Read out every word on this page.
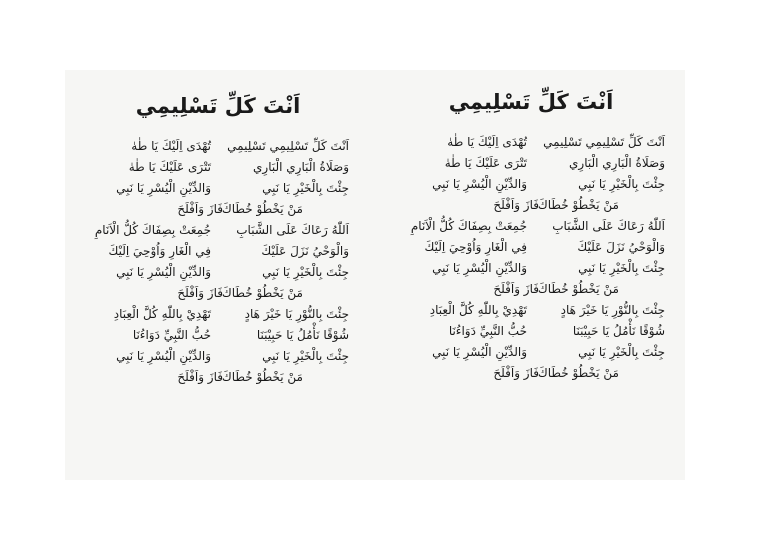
اَنْتَ كَلِّ تَسْلِيمِي
اَنْتَ كَلِّ تَسْلِيمِي تَسْلِيمِي
تُهْدَى اِلَيْكَ يَا طٰهٰ
وَصَلَاةُ الْبَارِي الْبَارِي
تَتْرَى عَلَيْكَ يَا طٰهٰ
جِئْتَ بِالْخَيْرِ يَا نَبِي
وَالدِّيْنِ الْيُسْرِ يَا نَبِي
مَنْ يَخْطُوْ خُطَاكَ
فَازَ وَاَفْلَحَ
اَللّٰهُ رَعَاكَ عَلَى الشَّبَابِ
جُمِعَتْ بِصِفَاكَ كُلُّ الْاَنَامِ
وَالْوَحْيُ نَزَلَ عَلَيْكَ
فِي الْغَارِ وَاُوْحِيَ اِلَيْكَ
جِئْتَ بِالْخَيْرِ يَا نَبِي
وَالدِّيْنِ الْيُسْرِ يَا نَبِي
مَنْ يَخْطُوْ خُطَاكَ
فَازَ وَاَفْلَحَ
جِئْتَ بِالنُّوْرِ يَا خَيْرَ هَادٍ
تَهْدِيْ بِاللّٰهِ كُلَّ الْعِبَادِ
شُوْقًا نَأْمُلُ يَا حَبِيْبَنَا
حُبُّ النَّبِيِّ دَوَاءُنَا
جِئْتَ بِالْخَيْرِ يَا نَبِي
وَالدِّيْنِ الْيُسْرِ يَا نَبِي
مَنْ يَخْطُوْ خُطَاكَ
فَازَ وَاَفْلَحَ
اَنْتَ كَلِّ تَسْلِيمِي
اَنْتَ كَلِّ تَسْلِيمِي تَسْلِيمِي
تُهْدَى اِلَيْكَ يَا طٰهٰ
وَصَلَاةُ الْبَارِي الْبَارِي
تَتْرَى عَلَيْكَ يَا طٰهٰ
جِئْتَ بِالْخَيْرِ يَا نَبِي
وَالدِّيْنِ الْيُسْرِ يَا نَبِي
مَنْ يَخْطُوْ خُطَاكَ
فَازَ وَاَفْلَحَ
اَللّٰهُ رَعَاكَ عَلَى الشَّبَابِ
جُمِعَتْ بِصِفَاكَ كُلُّ الْاَنَامِ
وَالْوَحْيُ نَزَلَ عَلَيْكَ
فِي الْغَارِ وَاُوْحِيَ اِلَيْكَ
جِئْتَ بِالْخَيْرِ يَا نَبِي
وَالدِّيْنِ الْيُسْرِ يَا نَبِي
مَنْ يَخْطُوْ خُطَاكَ
فَازَ وَاَفْلَحَ
جِئْتَ بِالنُّوْرِ يَا خَيْرَ هَادٍ
تَهْدِيْ بِاللّٰهِ كُلَّ الْعِبَادِ
شُوْقًا نَأْمُلُ يَا حَبِيْبَنَا
حُبُّ النَّبِيِّ دَوَاءُنَا
جِئْتَ بِالْخَيْرِ يَا نَبِي
وَالدِّيْنِ الْيُسْرِ يَا نَبِي
مَنْ يَخْطُوْ خُطَاكَ
فَازَ وَاَفْلَحَ
